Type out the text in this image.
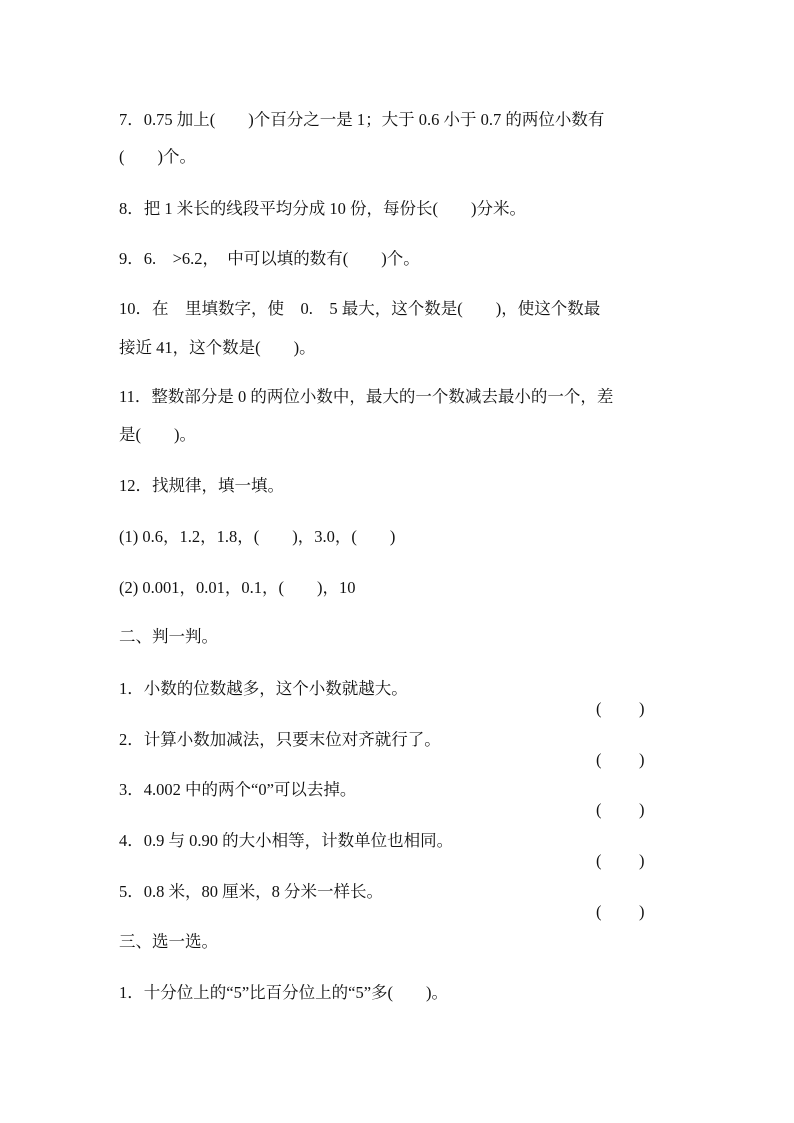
7．0.75 加上(　　)个百分之一是 1；大于 0.6 小于 0.7 的两位小数有
(　　)个。
8．把 1 米长的线段平均分成 10 份，每份长(　　)分米。
9．6.　>6.2，　中可以填的数有(　　)个。
10．在　里填数字，使　0.　5 最大，这个数是(　　)，使这个数最
接近 41，这个数是(　　)。
11．整数部分是 0 的两位小数中，最大的一个数减去最小的一个，差
是(　　)。
12．找规律，填一填。
(1) 0.6，1.2，1.8，(　　)，3.0，(　　)
(2) 0.001，0.01，0.1，(　　)，10
二、判一判。
1．小数的位数越多，这个小数就越大。

( )

2．计算小数加减法，只要末位对齐就行了。

( )

3．4.002 中的两个“0”可以去掉。

( )

4．0.9 与 0.90 的大小相等，计数单位也相同。

( )

5．0.8 米，80 厘米，8 分米一样长。

( )

三、选一选。
1．十分位上的“5”比百分位上的“5”多(　　)。
